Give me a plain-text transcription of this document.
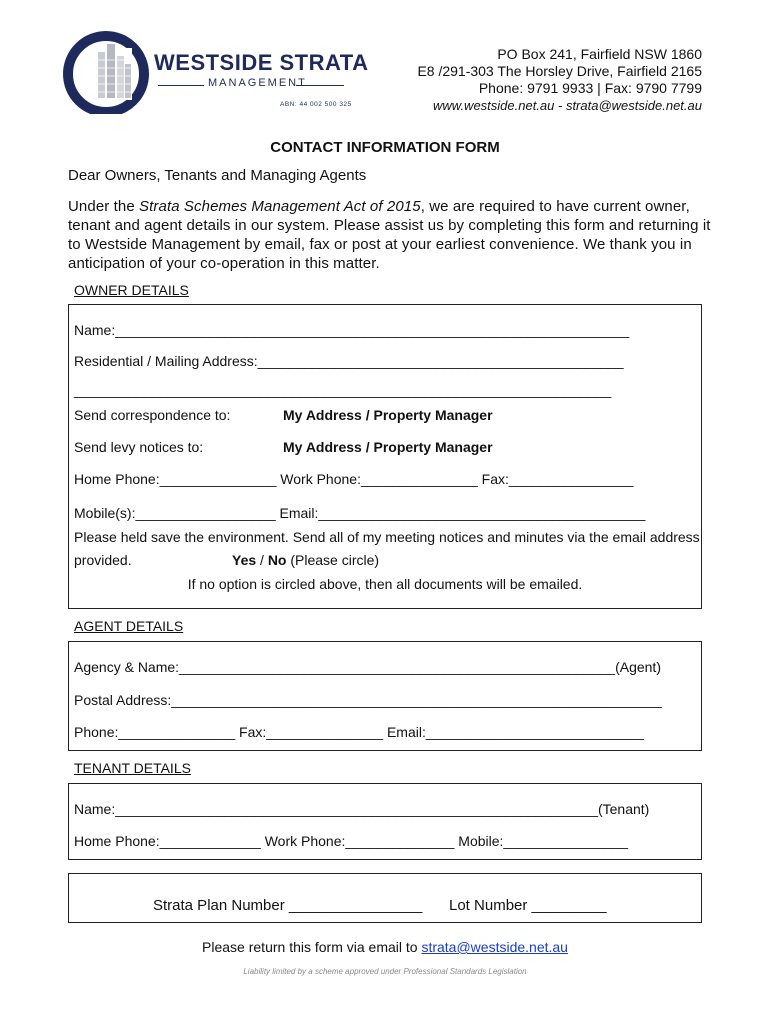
WESTSIDE STRATA
MANAGEMENT
ABN: 44 002 500 325
PO Box 241, Fairfield NSW 1860
E8 /291-303 The Horsley Drive, Fairfield 2165
Phone: 9791 9933 | Fax: 9790 7799
www.westside.net.au - strata@westside.net.au
CONTACT INFORMATION FORM
Dear Owners, Tenants and Managing Agents
Under the Strata Schemes Management Act of 2015, we are required to have current owner,
tenant and agent details in our system. Please assist us by completing this form and returning it
to Westside Management by email, fax or post at your earliest convenience. We thank you in
anticipation of your co-operation in this matter.
OWNER DETAILS
Name:__________________________________________________________________
Residential / Mailing Address:_______________________________________________
_____________________________________________________________________
Send correspondence to:	My Address / Property Manager
Send levy notices to:	My Address / Property Manager
Home Phone:_______________ Work Phone:_______________ Fax:________________
Mobile(s):__________________ Email:__________________________________________
Please held save the environment. Send all of my meeting notices and minutes via the email address
provided.	Yes / No (Please circle)
If no option is circled above, then all documents will be emailed.
AGENT DETAILS
Agency & Name:________________________________________________________(Agent)
Postal Address:_______________________________________________________________
Phone:_______________ Fax:_______________ Email:____________________________
TENANT DETAILS
Name:______________________________________________________________(Tenant)
Home Phone:_____________ Work Phone:______________ Mobile:________________
Strata Plan Number ________________ Lot Number _________
Please return this form via email to strata@westside.net.au
Liability limited by a scheme approved under Professional Standards Legislation
